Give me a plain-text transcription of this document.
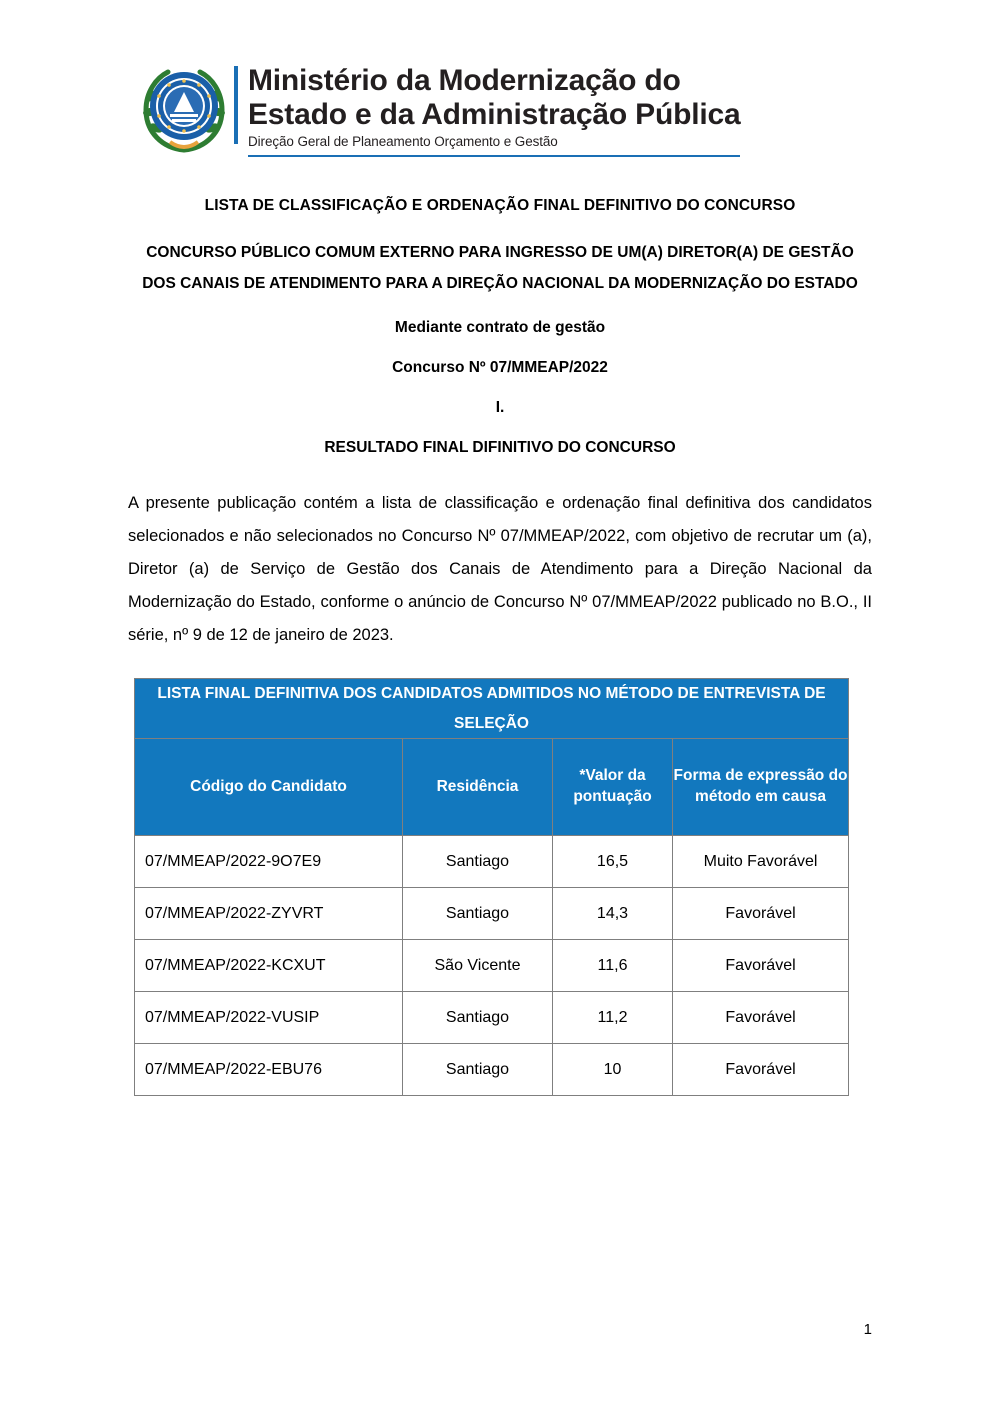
Ministério da Modernização do
Estado e da Administração Pública
Direção Geral de Planeamento Orçamento e Gestão
LISTA DE CLASSIFICAÇÃO E ORDENAÇÃO FINAL DEFINITIVO DO CONCURSO
CONCURSO PÚBLICO COMUM EXTERNO PARA INGRESSO DE UM(A) DIRETOR(A) DE GESTÃO DOS CANAIS DE ATENDIMENTO PARA A DIREÇÃO NACIONAL DA MODERNIZAÇÃO DO ESTADO
Mediante contrato de gestão
Concurso Nº 07/MMEAP/2022
I.
RESULTADO FINAL DIFINITIVO DO CONCURSO
A presente publicação contém a lista de classificação e ordenação final definitiva dos candidatos selecionados e não selecionados no Concurso Nº 07/MMEAP/2022, com objetivo de recrutar um (a), Diretor (a) de Serviço de Gestão dos Canais de Atendimento para a Direção Nacional da Modernização do Estado, conforme o anúncio de Concurso Nº 07/MMEAP/2022 publicado no B.O., II série, nº 9 de 12 de janeiro de 2023.
LISTA FINAL DEFINITIVA DOS CANDIDATOS ADMITIDOS NO MÉTODO DE ENTREVISTA DE SELEÇÃO			
Código do Candidato	Residência	*Valor da pontuação	Forma de expressão do método em causa
07/MMEAP/2022-9O7E9	Santiago	16,5	Muito Favorável
07/MMEAP/2022-ZYVRT	Santiago	14,3	Favorável
07/MMEAP/2022-KCXUT	São Vicente	11,6	Favorável
07/MMEAP/2022-VUSIP	Santiago	11,2	Favorável
07/MMEAP/2022-EBU76	Santiago	10	Favorável
1
